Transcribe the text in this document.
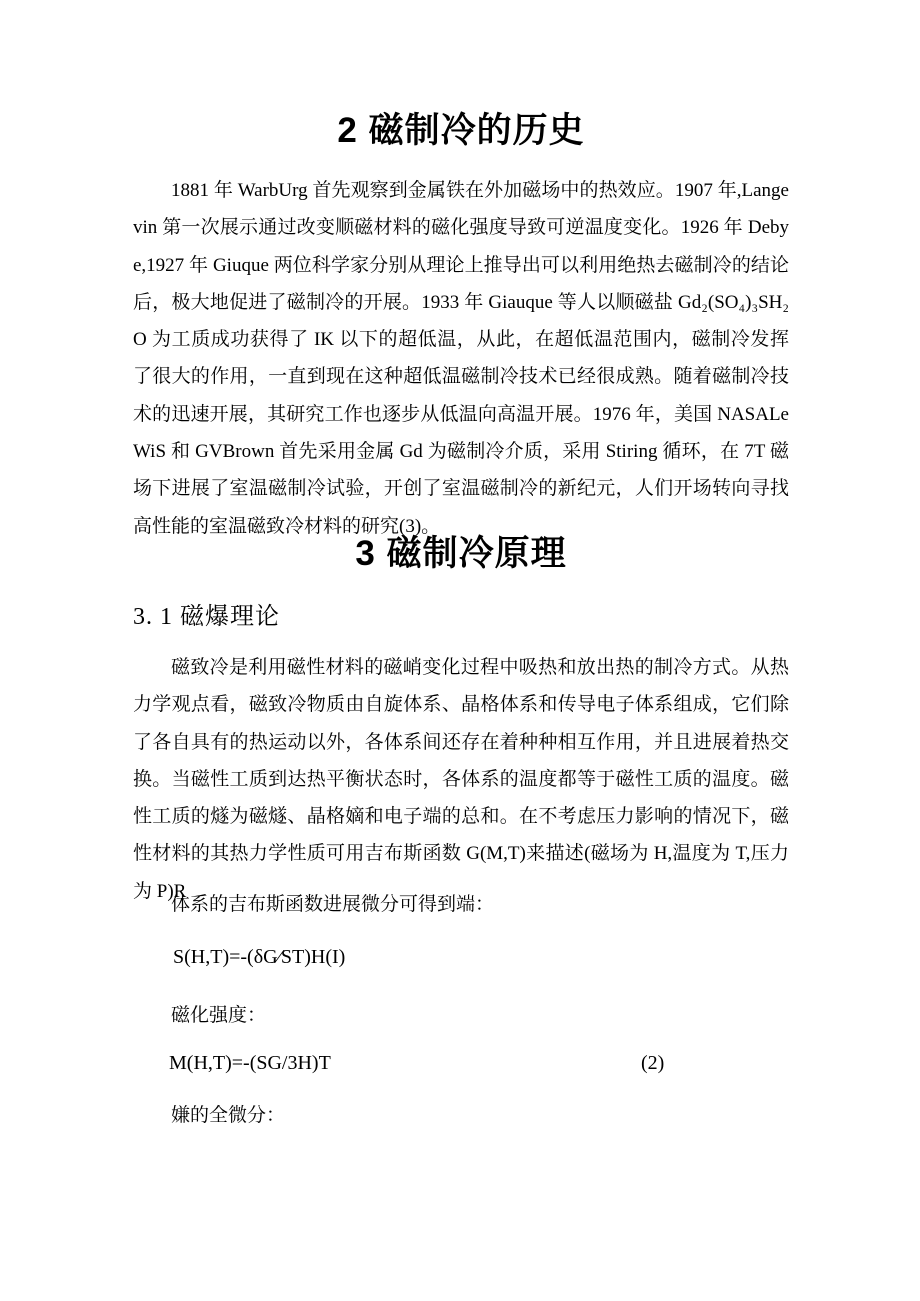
2 磁制冷的历史

1881 年 WarbUrg 首先观察到金属铁在外加磁场中的热效应。1907 年,Langevin 第一次展示通过改变顺磁材料的磁化强度导致可逆温度变化。1926 年 Debye,1927 年 Giuque 两位科学家分别从理论上推导出可以利用绝热去磁制冷的结论后，极大地促进了磁制冷的开展。1933 年 Giauque 等人以顺磁盐 Gd₂(SO₄)₃SH₂O 为工质成功获得了 IK 以下的超低温，从此，在超低温范围内，磁制冷发挥了很大的作用，一直到现在这种超低温磁制冷技术已经很成熟。随着磁制冷技术的迅速开展，其研究工作也逐步从低温向高温开展。1976 年，美国 NASALeWiS 和 GVBrown 首先采用金属 Gd 为磁制冷介质，采用 Stiring 循环，在 7T 磁场下进展了室温磁制冷试验，开创了室温磁制冷的新纪元，人们开场转向寻找高性能的室温磁致冷材料的研究(3)。

3 磁制冷原理
3. 1 磁爆理论

磁致冷是利用磁性材料的磁峭变化过程中吸热和放出热的制冷方式。从热力学观点看，磁致冷物质由自旋体系、晶格体系和传导电子体系组成，它们除了各自具有的热运动以外，各体系间还存在着种种相互作用，并且进展着热交换。当磁性工质到达热平衡状态时，各体系的温度都等于磁性工质的温度。磁性工质的燧为磁燧、晶格嫡和电子端的总和。在不考虑压力影响的情况下，磁性材料的其热力学性质可用吉布斯函数 G(M,T)来描述(磁场为 H,温度为 T,压力为 P)R

体系的吉布斯函数进展微分可得到端：

S(H,T)=-(δG⁄ST)H(I)

磁化强度：

M(H,T)=-(SG/3H)T	(2)

嫌的全微分：
